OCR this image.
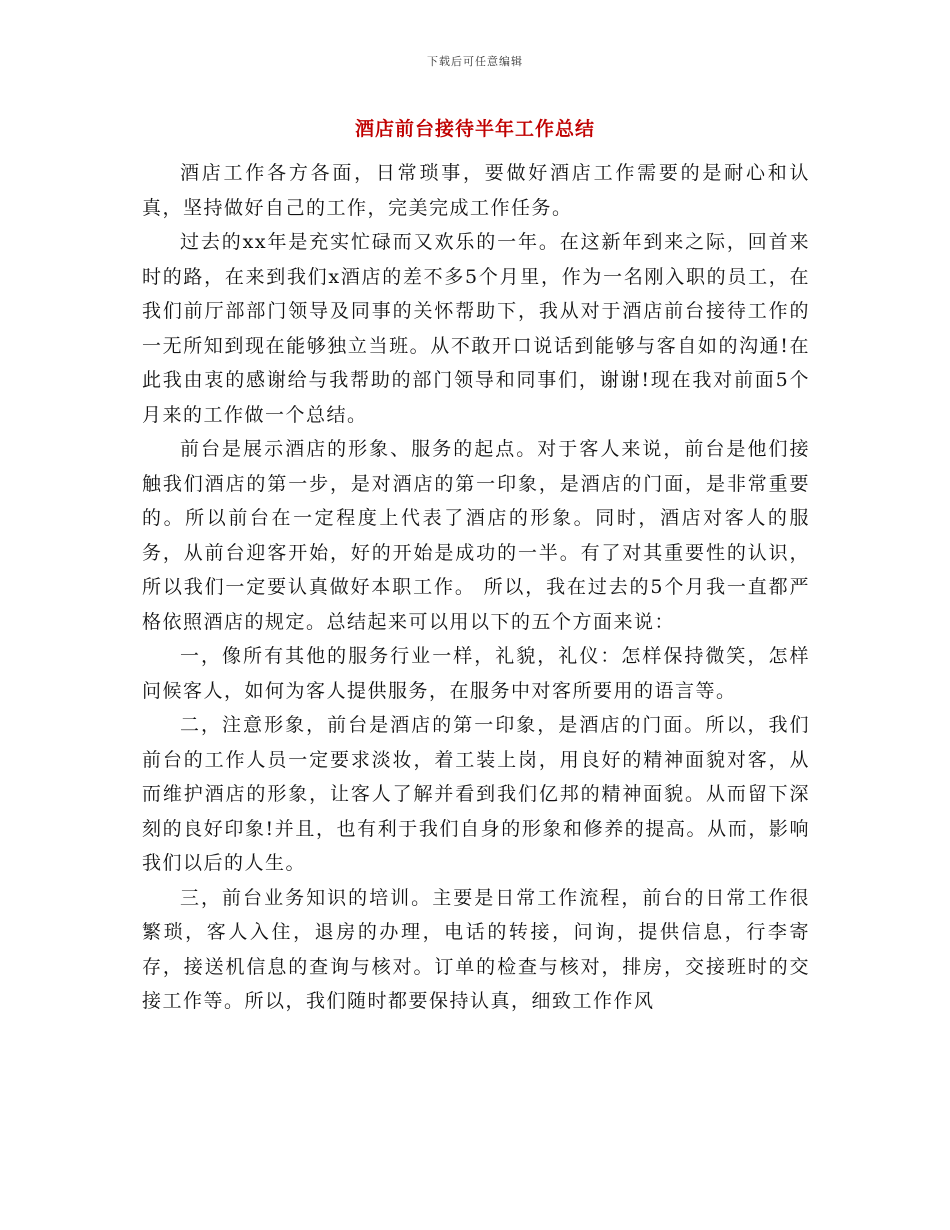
下载后可任意编辑
酒店前台接待半年工作总结

酒店工作各方各面，日常琐事，要做好酒店工作需要的是耐心和认真，坚持做好自己的工作，完美完成工作任务。

过去的xx年是充实忙碌而又欢乐的一年。在这新年到来之际，回首来时的路，在来到我们x酒店的差不多5个月里，作为一名刚入职的员工，在我们前厅部部门领导及同事的关怀帮助下，我从对于酒店前台接待工作的一无所知到现在能够独立当班。从不敢开口说话到能够与客自如的沟通!在此我由衷的感谢给与我帮助的部门领导和同事们，谢谢!现在我对前面5个月来的工作做一个总结。

前台是展示酒店的形象、服务的起点。对于客人来说，前台是他们接触我们酒店的第一步，是对酒店的第一印象，是酒店的门面，是非常重要的。所以前台在一定程度上代表了酒店的形象。同时，酒店对客人的服务，从前台迎客开始，好的开始是成功的一半。有了对其重要性的认识，所以我们一定要认真做好本职工作。 所以，我在过去的5个月我一直都严格依照酒店的规定。总结起来可以用以下的五个方面来说：

一，像所有其他的服务行业一样，礼貌，礼仪：怎样保持微笑，怎样问候客人，如何为客人提供服务，在服务中对客所要用的语言等。

二，注意形象，前台是酒店的第一印象，是酒店的门面。所以，我们前台的工作人员一定要求淡妆，着工装上岗，用良好的精神面貌对客，从而维护酒店的形象，让客人了解并看到我们亿邦的精神面貌。从而留下深刻的良好印象!并且，也有利于我们自身的形象和修养的提高。从而，影响我们以后的人生。

三，前台业务知识的培训。主要是日常工作流程，前台的日常工作很繁琐，客人入住，退房的办理，电话的转接，问询，提供信息，行李寄存，接送机信息的查询与核对。订单的检查与核对，排房，交接班时的交接工作等。所以，我们随时都要保持认真，细致工作作风
